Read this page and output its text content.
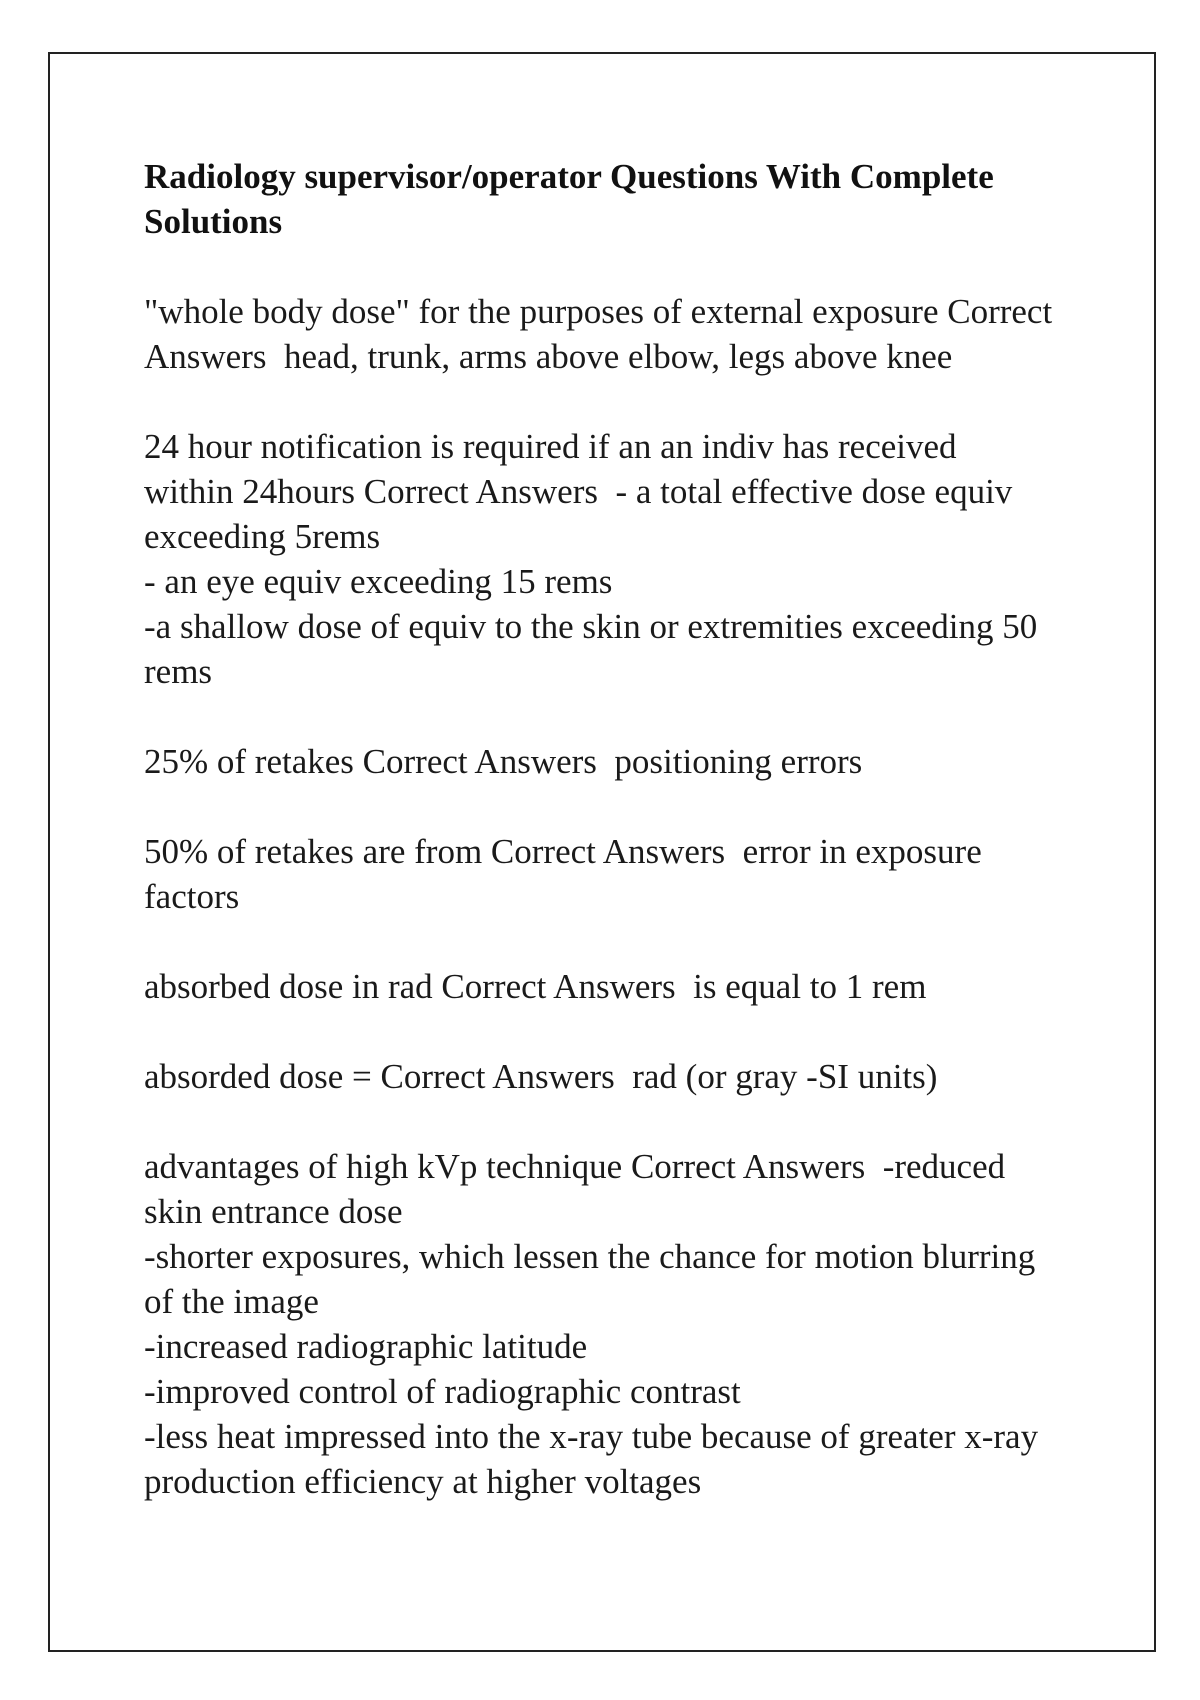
Radiology supervisor/operator Questions With Complete
Solutions
"whole body dose" for the purposes of external exposure Correct
Answers  head, trunk, arms above elbow, legs above knee
24 hour notification is required if an an indiv has received
within 24hours Correct Answers  - a total effective dose equiv
exceeding 5rems
- an eye equiv exceeding 15 rems
-a shallow dose of equiv to the skin or extremities exceeding 50
rems
25% of retakes Correct Answers  positioning errors
50% of retakes are from Correct Answers  error in exposure
factors
absorbed dose in rad Correct Answers  is equal to 1 rem
absorded dose = Correct Answers  rad (or gray -SI units)
advantages of high kVp technique Correct Answers  -reduced
skin entrance dose
-shorter exposures, which lessen the chance for motion blurring
of the image
-increased radiographic latitude
-improved control of radiographic contrast
-less heat impressed into the x-ray tube because of greater x-ray
production efficiency at higher voltages
